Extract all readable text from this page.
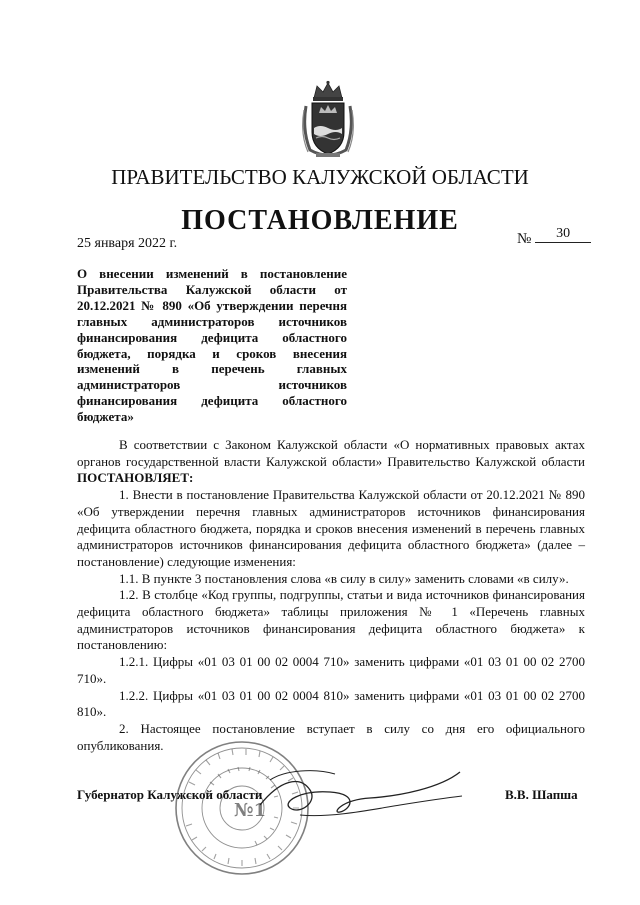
ПРАВИТЕЛЬСТВО КАЛУЖСКОЙ ОБЛАСТИ
ПОСТАНОВЛЕНИЕ
25 января 2022 г.	№ 30
О внесении изменений в постановление Правительства Калужской области от 20.12.2021 № 890 «Об утверждении перечня главных администраторов источников финансирования дефицита областного бюджета, порядка и сроков внесения изменений в перечень главных администраторов источников финансирования дефицита областного бюджета»

В соответствии с Законом Калужской области «О нормативных правовых актах органов государственной власти Калужской области» Правительство Калужской области ПОСТАНОВЛЯЕТ:

1. Внести в постановление Правительства Калужской области от 20.12.2021 № 890 «Об утверждении перечня главных администраторов источников финансирования дефицита областного бюджета, порядка и сроков внесения изменений в перечень главных администраторов источников финансирования дефицита областного бюджета» (далее – постановление) следующие изменения:

1.1. В пункте 3 постановления слова «в силу в силу» заменить словами «в силу».

1.2. В столбце «Код группы, подгруппы, статьи и вида источников финансирования дефицита областного бюджета» таблицы приложения № 1 «Перечень главных администраторов источников финансирования дефицита областного бюджета» к постановлению:

1.2.1. Цифры «01 03 01 00 02 0004 710» заменить цифрами «01 03 01 00 02 2700 710».

1.2.2. Цифры «01 03 01 00 02 0004 810» заменить цифрами «01 03 01 00 02 2700 810».

2. Настоящее постановление вступает в силу со дня его официального опубликования.

№1
Губернатор Калужской области	В.В. Шапша
